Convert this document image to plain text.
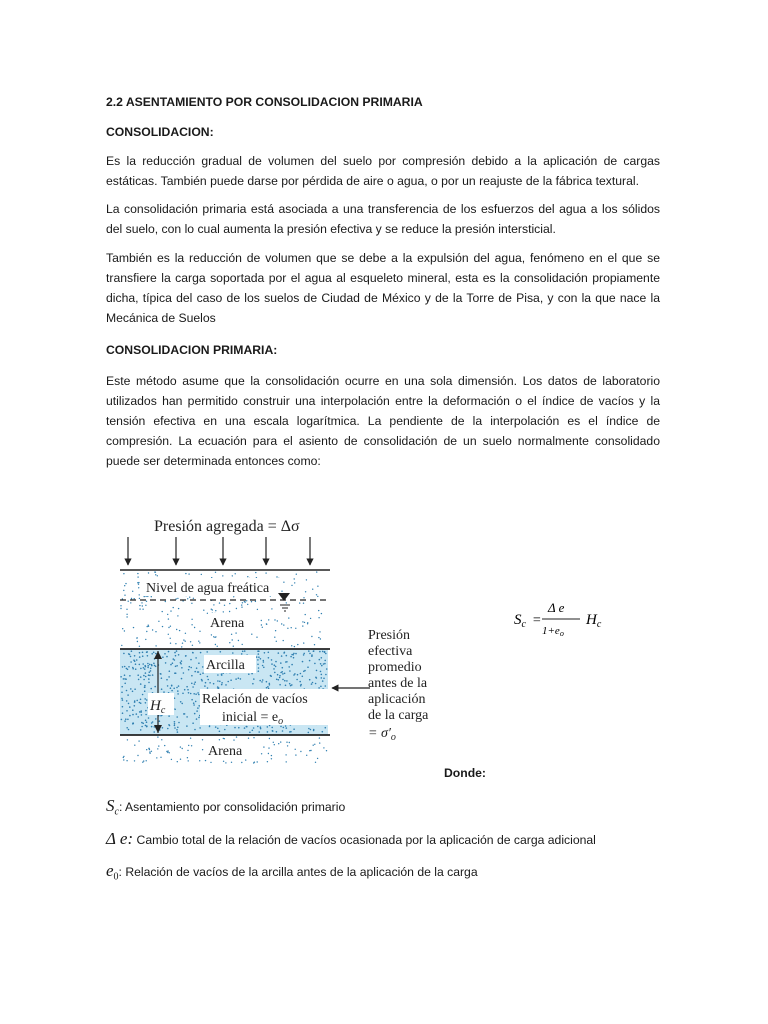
2.2 ASENTAMIENTO POR CONSOLIDACION PRIMARIA
CONSOLIDACION:
Es la reducción gradual de volumen del suelo por compresión debido a la aplicación de cargas estáticas. También puede darse por pérdida de aire o agua, o por un reajuste de la fábrica textural.
La consolidación primaria está asociada a una transferencia de los esfuerzos del agua a los sólidos del suelo, con lo cual aumenta la presión efectiva y se reduce la presión intersticial.
También es la reducción de volumen que se debe a la expulsión del agua, fenómeno en el que se transfiere la carga soportada por el agua al esqueleto mineral, esta es la consolidación propiamente dicha, típica del caso de los suelos de Ciudad de México y de la Torre de Pisa, y con la que nace la Mecánica de Suelos
CONSOLIDACION PRIMARIA:
Este método asume que la consolidación ocurre en una sola dimensión. Los datos de laboratorio utilizados han permitido construir una interpolación entre la deformación o el índice de vacíos y la tensión efectiva en una escala logarítmica. La pendiente de la interpolación es el índice de compresión. La ecuación para el asiento de consolidación de un suelo normalmente consolidado puede ser determinada entonces como:
Presión agregada = Δσ
Nivel de agua freática
Arena
Arcilla
Relación de vacíos
inicial = $e_o$
$H_c$
Arena
Presión
efectiva
promedio
antes de la
aplicación
de la carga
= $\sigma'_o$
$S_c$ =
Δ e
1+eo
$H_c$
Donde:
$S_c$: Asentamiento por consolidación primario
Δ e: Cambio total de la relación de vacíos ocasionada por la aplicación de carga adicional
$e_0$: Relación de vacíos de la arcilla antes de la aplicación de la carga
